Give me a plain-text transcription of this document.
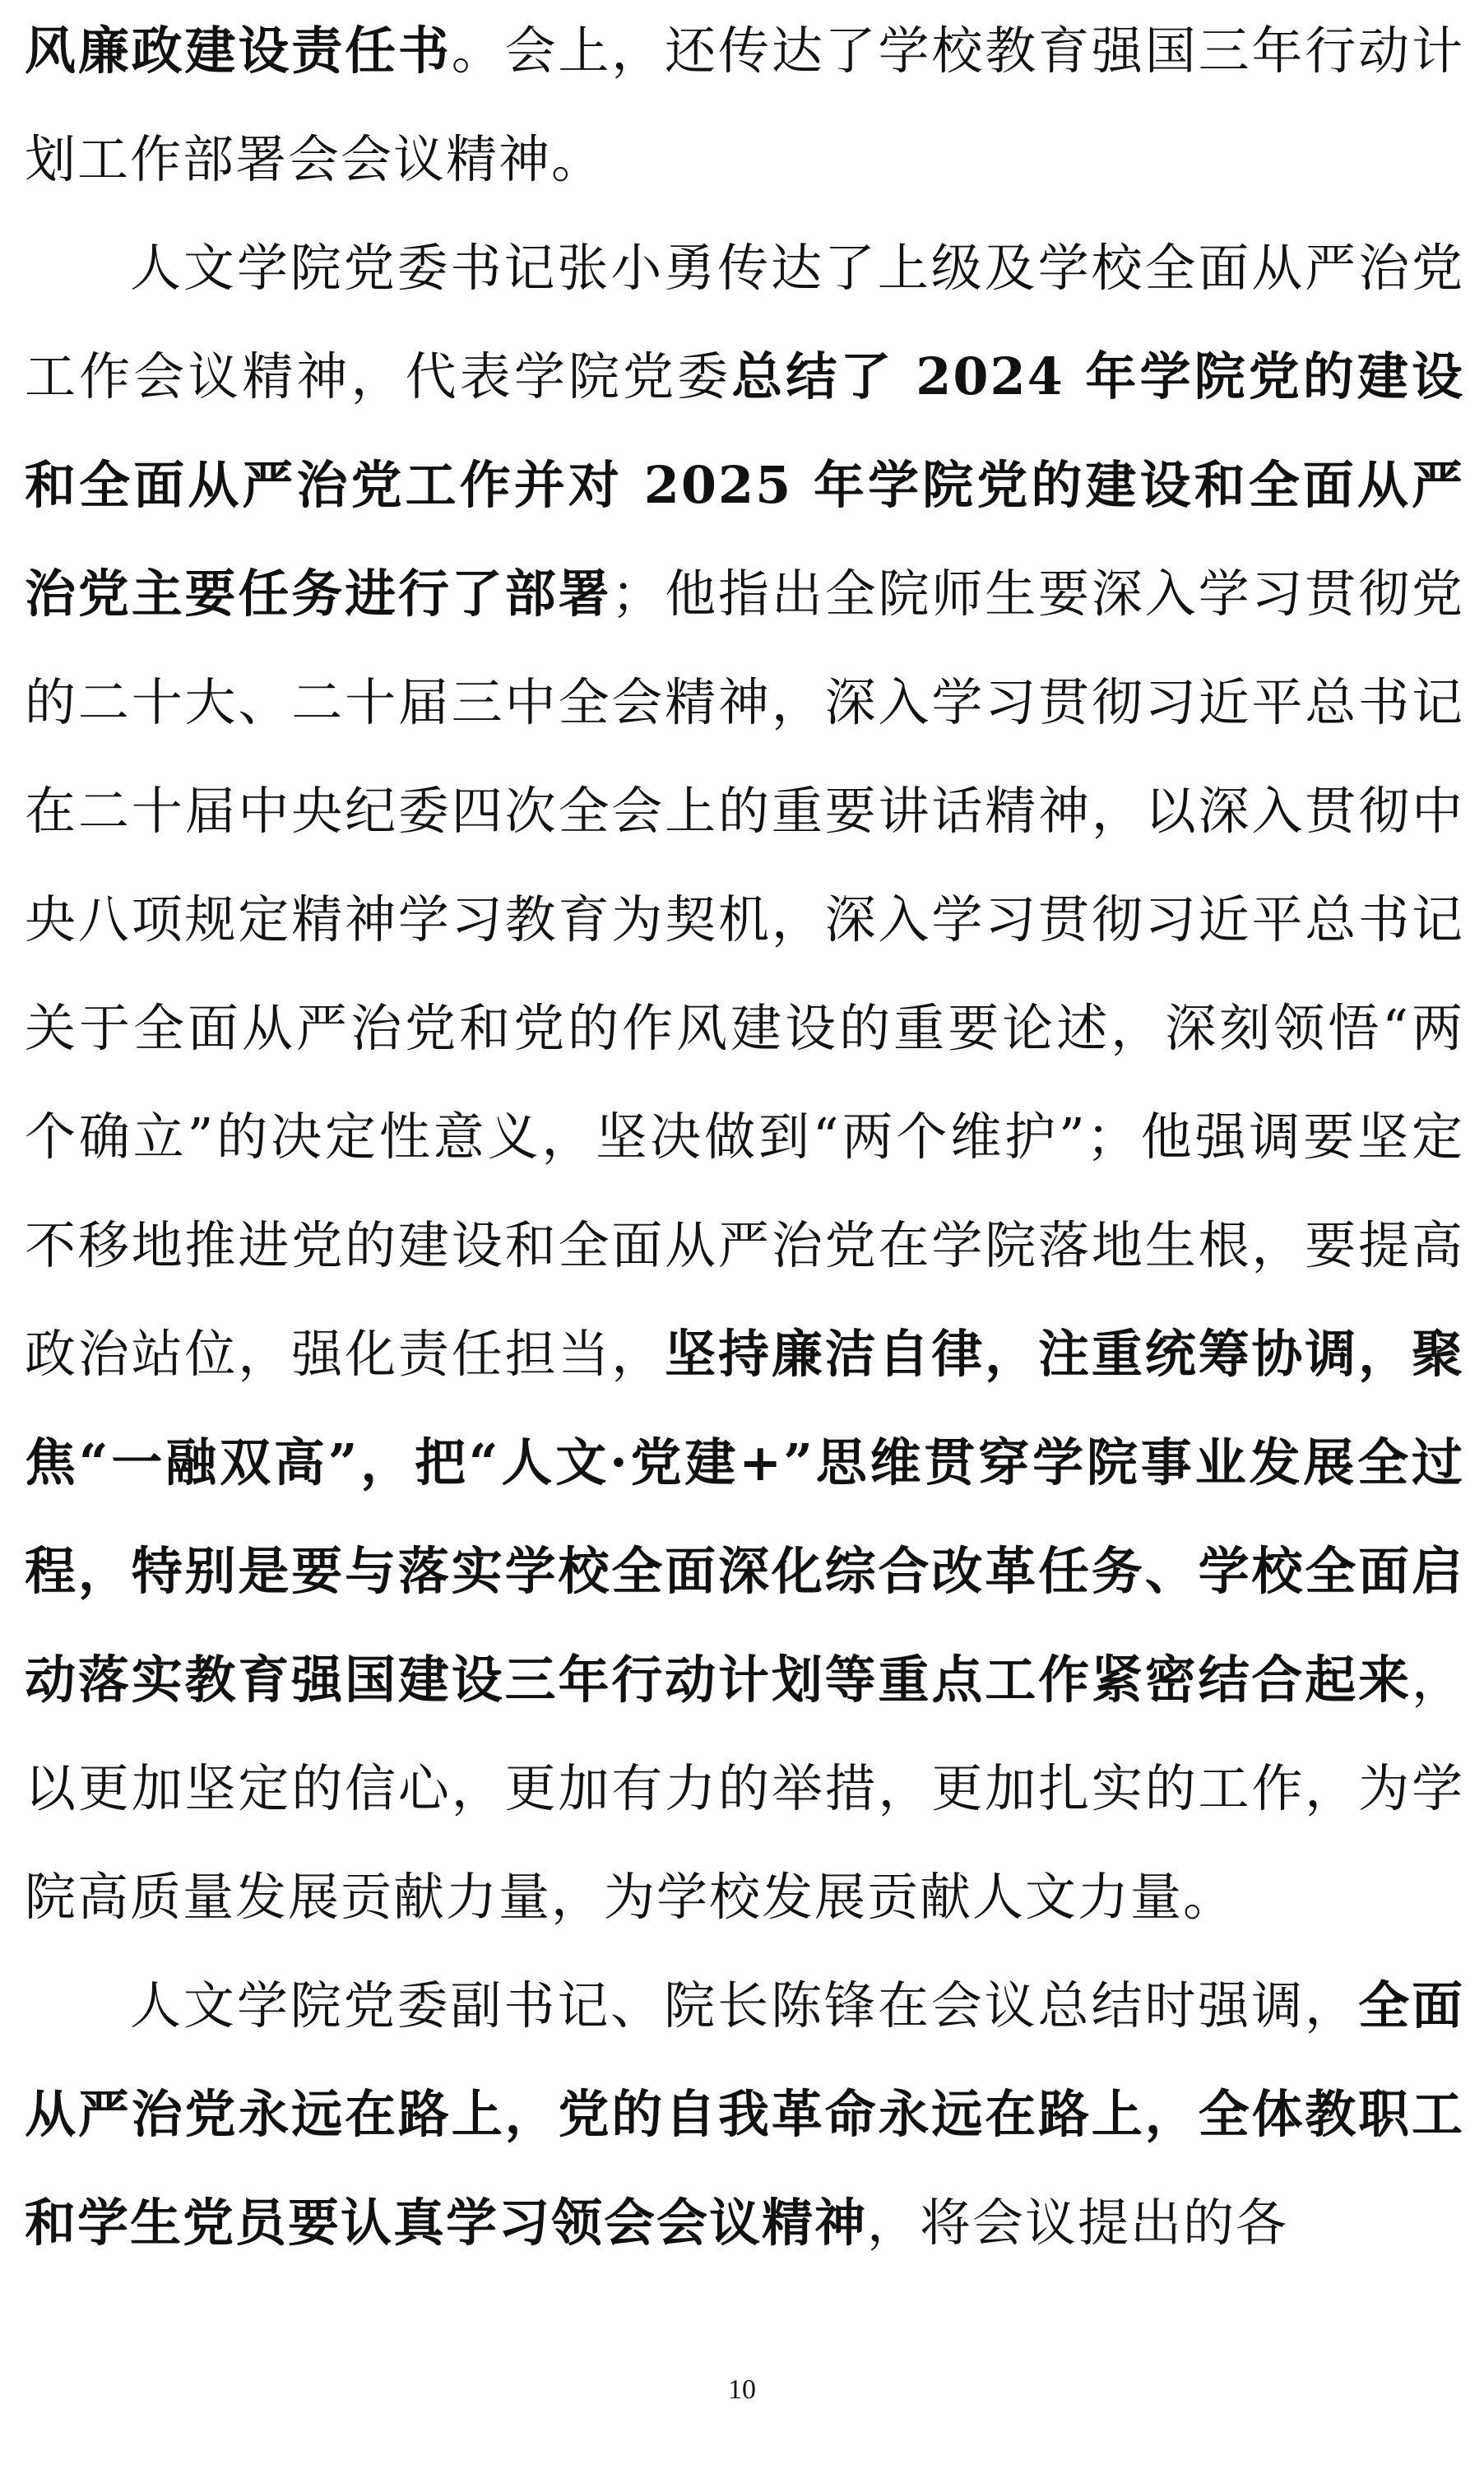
风廉政建设责任书。会上，还传达了学校教育强国三年行动计划工作部署会会议精神。

人文学院党委书记张小勇传达了上级及学校全面从严治党工作会议精神，代表学院党委总结了 2024 年学院党的建设和全面从严治党工作并对 2025 年学院党的建设和全面从严治党主要任务进行了部署；他指出全院师生要深入学习贯彻党的二十大、二十届三中全会精神，深入学习贯彻习近平总书记在二十届中央纪委四次全会上的重要讲话精神，以深入贯彻中央八项规定精神学习教育为契机，深入学习贯彻习近平总书记关于全面从严治党和党的作风建设的重要论述，深刻领悟“两个确立”的决定性意义，坚决做到“两个维护”；他强调要坚定不移地推进党的建设和全面从严治党在学院落地生根，要提高政治站位，强化责任担当，坚持廉洁自律，注重统筹协调，聚焦“一融双高”，把“人文·党建+”思维贯穿学院事业发展全过程，特别是要与落实学校全面深化综合改革任务、学校全面启动落实教育强国建设三年行动计划等重点工作紧密结合起来，以更加坚定的信心，更加有力的举措，更加扎实的工作，为学院高质量发展贡献力量，为学校发展贡献人文力量。

人文学院党委副书记、院长陈锋在会议总结时强调，全面从严治党永远在路上，党的自我革命永远在路上，全体教职工和学生党员要认真学习领会会议精神，将会议提出的各

10
